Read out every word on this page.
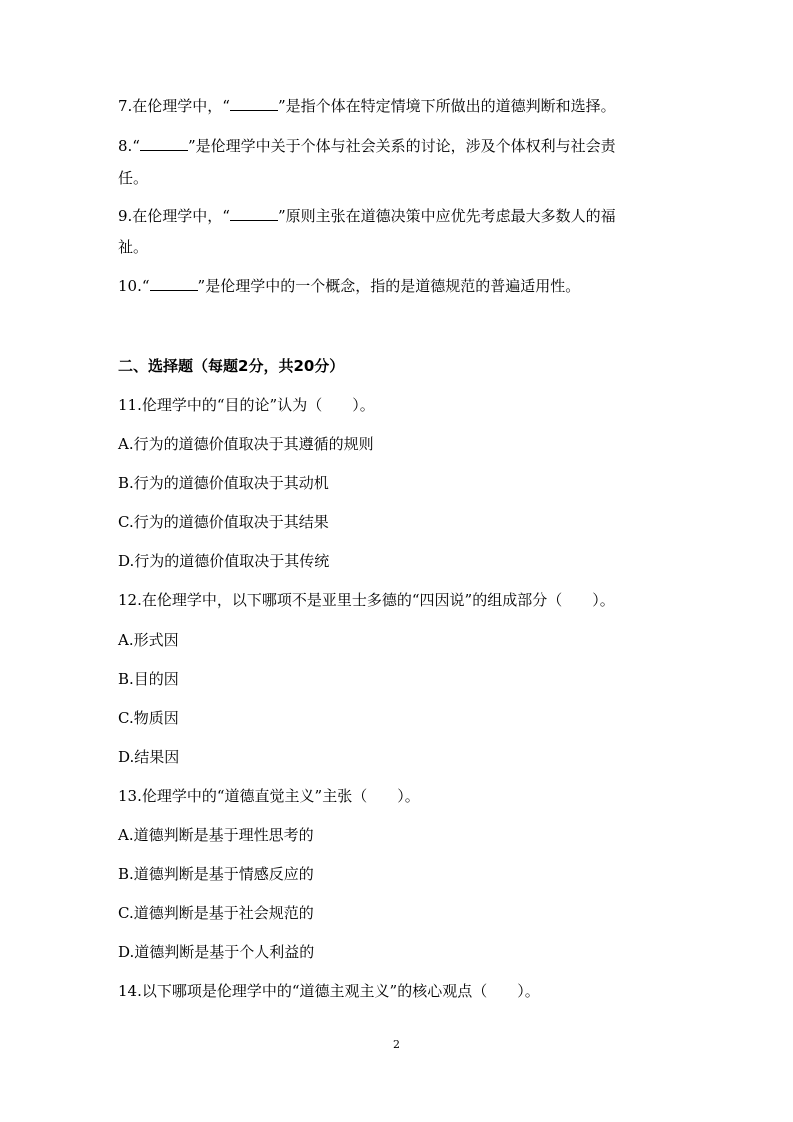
7.在伦理学中，“	”是指个体在特定情境下所做出的道德判断和选择。
8.“	”是伦理学中关于个体与社会关系的讨论，涉及个体权利与社会责
任。
9.在伦理学中，“	”原则主张在道德决策中应优先考虑最大多数人的福
祉。
10.“	”是伦理学中的一个概念，指的是道德规范的普遍适用性。
二、选择题（每题2分，共20分）
11.伦理学中的“目的论”认为（　　）。
A.行为的道德价值取决于其遵循的规则
B.行为的道德价值取决于其动机
C.行为的道德价值取决于其结果
D.行为的道德价值取决于其传统
12.在伦理学中，以下哪项不是亚里士多德的“四因说”的组成部分（　　）。
A.形式因
B.目的因
C.物质因
D.结果因
13.伦理学中的“道德直觉主义”主张（　　）。
A.道德判断是基于理性思考的
B.道德判断是基于情感反应的
C.道德判断是基于社会规范的
D.道德判断是基于个人利益的
14.以下哪项是伦理学中的“道德主观主义”的核心观点（　　）。
2
